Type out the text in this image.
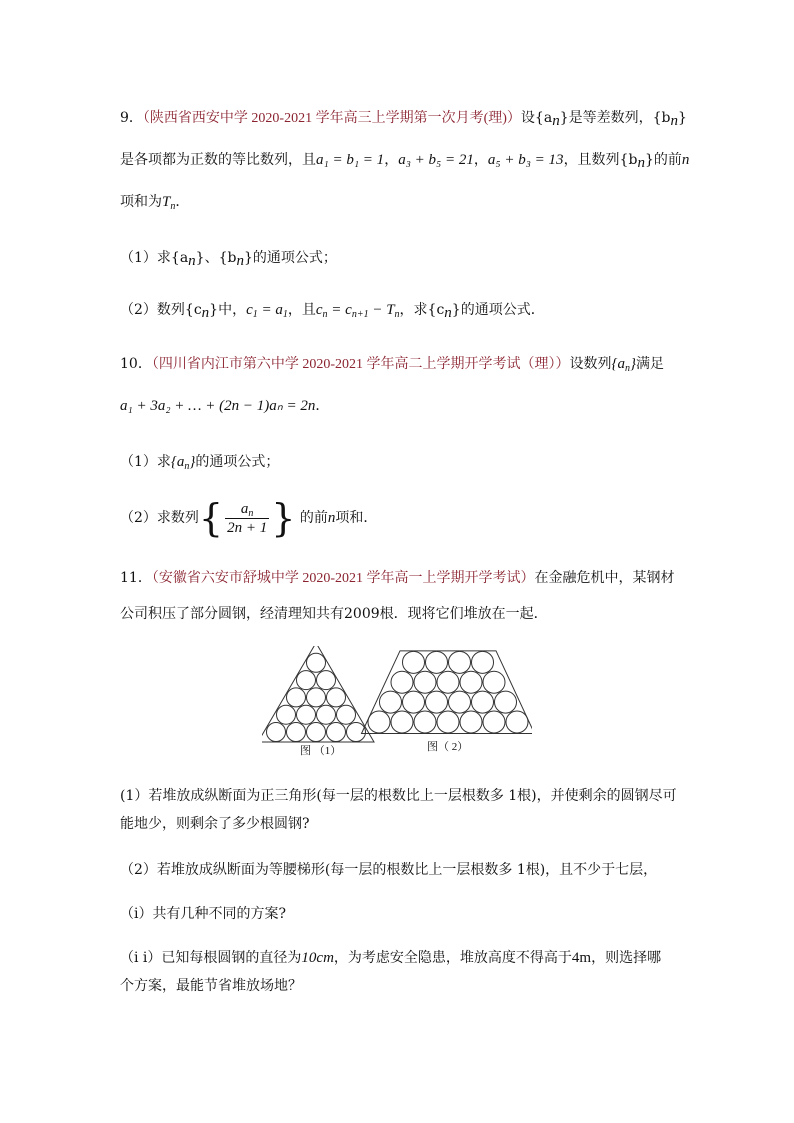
9．（陕西省西安中学 2020-2021 学年高三上学期第一次月考(理)）设$\{a_n\}$是等差数列，$\{b_n\}$
是各项都为正数的等比数列，且a₁ = b₁ = 1，a₃ + b₅ = 21，a₅ + b₃ = 13，且数列$\{b_n\}$的前n
项和为$T_n$．
（1）求$\{a_n\}$、$\{b_n\}$的通项公式；
（2）数列$\{c_n\}$中，$c_1 = a_1$，且$c_n = c_{n+1} - T_n$，求$\{c_n\}$的通项公式．
10．（四川省内江市第六中学 2020-2021 学年高二上学期开学考试（理））设数列$\{a_n\}$满足
a₁ + 3a₂ + … + (2n − 1)aₙ = 2n．
（1）求$\{a_n\}$的通项公式；
（2）求数列{ $\frac{a_n}{2n + 1}$ } 的前n项和．
11．（安徽省六安市舒城中学 2020-2021 学年高一上学期开学考试）在金融危机中，某钢材
公司积压了部分圆钢，经清理知共有2009根．现将它们堆放在一起．
图 （1）	图（ 2）
(1）若堆放成纵断面为正三角形(每一层的根数比上一层根数多 1根)，并使剩余的圆钢尽可
能地少，则剩余了多少根圆钢?
（2）若堆放成纵断面为等腰梯形(每一层的根数比上一层根数多 1根)，且不少于七层，
（i）共有几种不同的方案?
（i i）已知每根圆钢的直径为10cm，为考虑安全隐患，堆放高度不得高于4m，则选择哪
个方案，最能节省堆放场地？
